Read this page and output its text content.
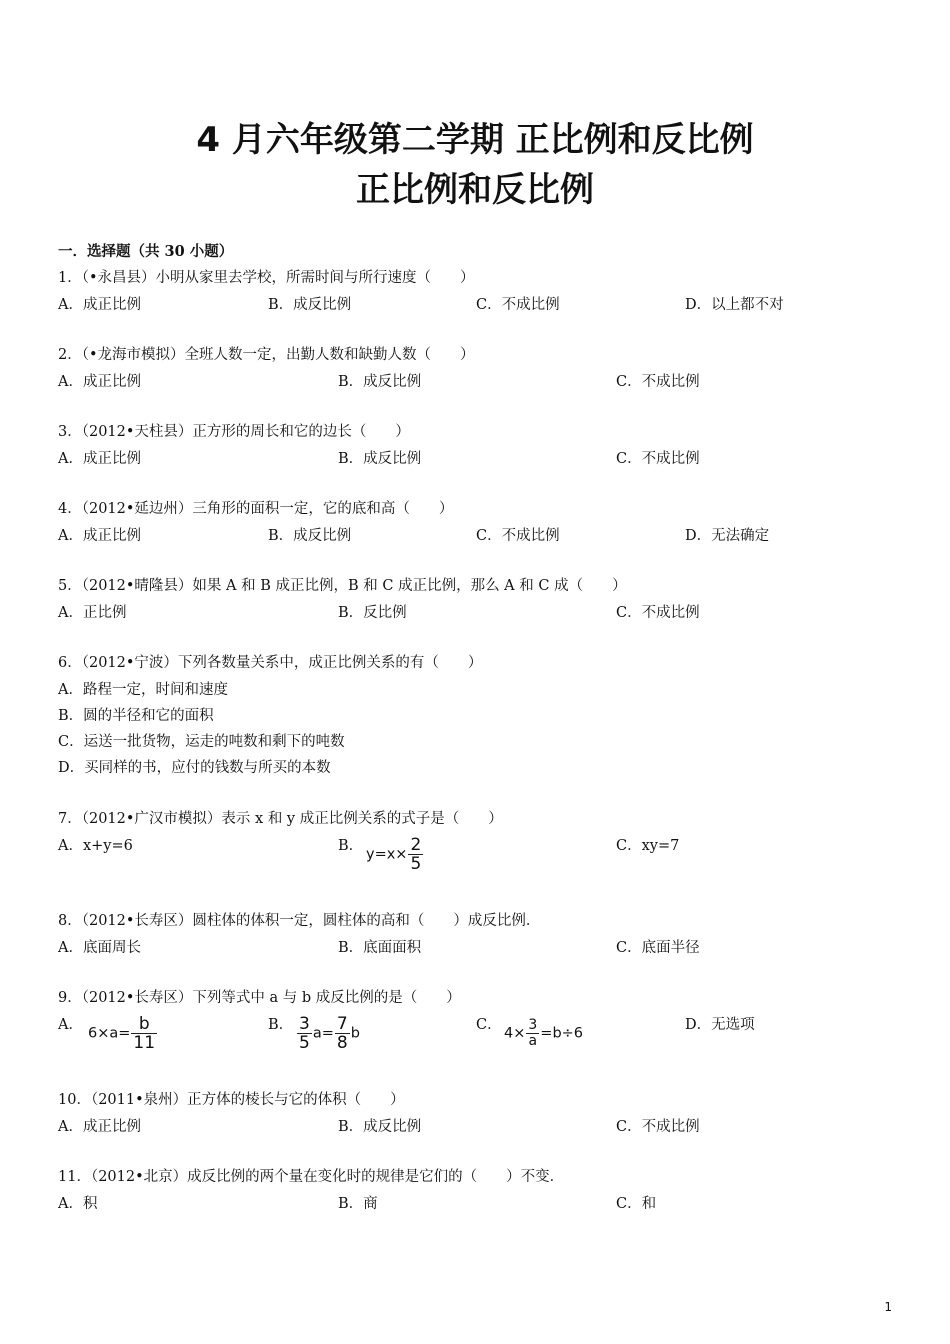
4 月六年级第二学期 正比例和反比例
正比例和反比例
一．选择题（共 30 小题）
1．（•永昌县）小明从家里去学校，所需时间与所行速度（　　）
A．成正比例	B．成反比例	C．不成比例	D．以上都不对
2．（•龙海市模拟）全班人数一定，出勤人数和缺勤人数（　　）
A．成正比例	B．成反比例	C．不成比例
3．（2012•天柱县）正方形的周长和它的边长（　　）
A．成正比例	B．成反比例	C．不成比例
4．（2012•延边州）三角形的面积一定，它的底和高（　　）
A．成正比例	B．成反比例	C．不成比例	D．无法确定
5．（2012•晴隆县）如果 A 和 B 成正比例，B 和 C 成正比例，那么 A 和 C 成（　　）
A．正比例	B．反比例	C．不成比例
6．（2012•宁波）下列各数量关系中，成正比例关系的有（　　）
A．路程一定，时间和速度
B．圆的半径和它的面积
C．运送一批货物，运走的吨数和剩下的吨数
D．买同样的书，应付的钱数与所买的本数
7．（2012•广汉市模拟）表示 x 和 y 成正比例关系的式子是（　　）
A．x+y=6	B．
$y=x\times \frac{2}{5}$	C．xy=7
8．（2012•长寿区）圆柱体的体积一定，圆柱体的高和（　　）成反比例．
A．底面周长	B．底面面积	C．底面半径
9．（2012•长寿区）下列等式中 a 与 b 成反比例的是（　　）
A．
$6\times a= \frac{b}{11}$	B． $\frac{3}{5} a= \frac{7}{8}$ b
C．
$4\times \frac{3}{a} =b\div 6$
D．无选项
10．（2011•泉州）正方体的棱长与它的体积（　　）
A．成正比例	B．成反比例	C．不成比例
11．（2012•北京）成反比例的两个量在变化时的规律是它们的（　　）不变．
A．积	B．商	C．和
1
